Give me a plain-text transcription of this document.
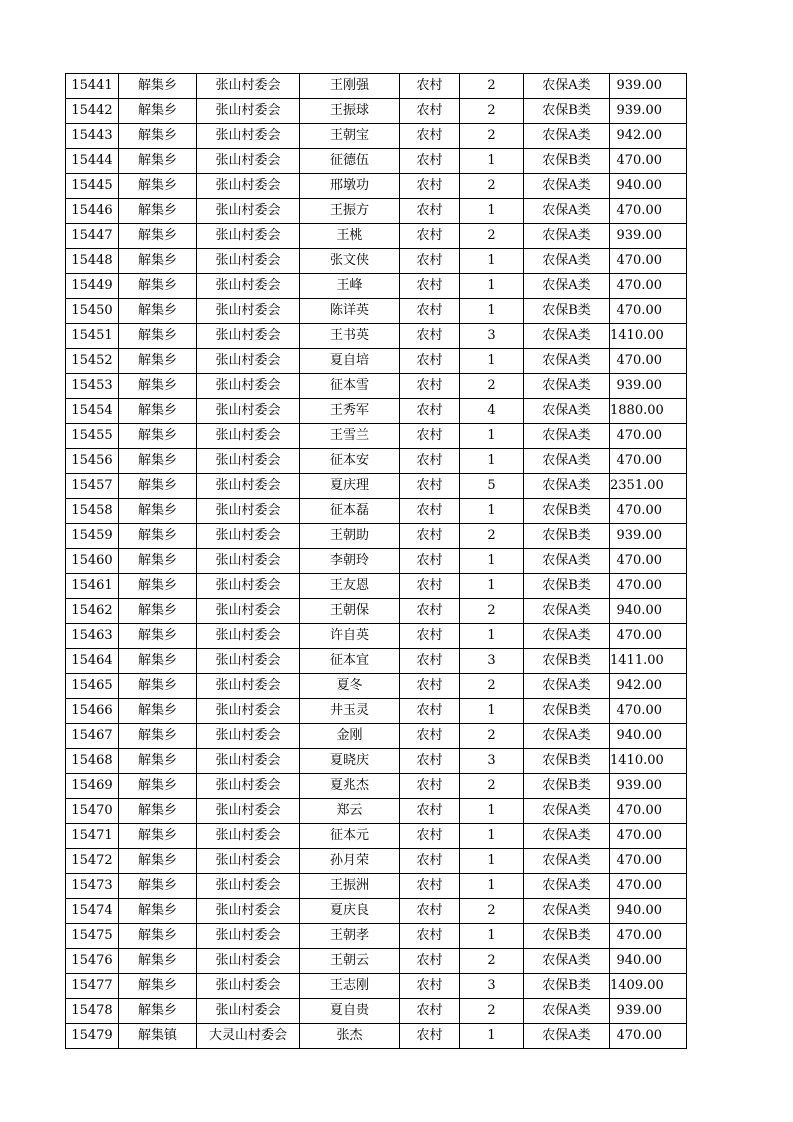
15441	解集乡	张山村委会	王刚强	农村	2	农保A类	939.00
15442	解集乡	张山村委会	王振球	农村	2	农保B类	939.00
15443	解集乡	张山村委会	王朝宝	农村	2	农保A类	942.00
15444	解集乡	张山村委会	征德伍	农村	1	农保B类	470.00
15445	解集乡	张山村委会	邢墩功	农村	2	农保A类	940.00
15446	解集乡	张山村委会	王振方	农村	1	农保A类	470.00
15447	解集乡	张山村委会	王桃	农村	2	农保A类	939.00
15448	解集乡	张山村委会	张文侠	农村	1	农保A类	470.00
15449	解集乡	张山村委会	王峰	农村	1	农保A类	470.00
15450	解集乡	张山村委会	陈详英	农村	1	农保B类	470.00
15451	解集乡	张山村委会	王书英	农村	3	农保A类	1410.00
15452	解集乡	张山村委会	夏自培	农村	1	农保A类	470.00
15453	解集乡	张山村委会	征本雪	农村	2	农保A类	939.00
15454	解集乡	张山村委会	王秀军	农村	4	农保A类	1880.00
15455	解集乡	张山村委会	王雪兰	农村	1	农保A类	470.00
15456	解集乡	张山村委会	征本安	农村	1	农保A类	470.00
15457	解集乡	张山村委会	夏庆理	农村	5	农保A类	2351.00
15458	解集乡	张山村委会	征本磊	农村	1	农保B类	470.00
15459	解集乡	张山村委会	王朝助	农村	2	农保B类	939.00
15460	解集乡	张山村委会	李朝玲	农村	1	农保A类	470.00
15461	解集乡	张山村委会	王友恩	农村	1	农保B类	470.00
15462	解集乡	张山村委会	王朝保	农村	2	农保A类	940.00
15463	解集乡	张山村委会	许自英	农村	1	农保A类	470.00
15464	解集乡	张山村委会	征本宜	农村	3	农保B类	1411.00
15465	解集乡	张山村委会	夏冬	农村	2	农保A类	942.00
15466	解集乡	张山村委会	井玉灵	农村	1	农保B类	470.00
15467	解集乡	张山村委会	金刚	农村	2	农保A类	940.00
15468	解集乡	张山村委会	夏晓庆	农村	3	农保B类	1410.00
15469	解集乡	张山村委会	夏兆杰	农村	2	农保B类	939.00
15470	解集乡	张山村委会	郑云	农村	1	农保A类	470.00
15471	解集乡	张山村委会	征本元	农村	1	农保A类	470.00
15472	解集乡	张山村委会	孙月荣	农村	1	农保A类	470.00
15473	解集乡	张山村委会	王振洲	农村	1	农保A类	470.00
15474	解集乡	张山村委会	夏庆良	农村	2	农保A类	940.00
15475	解集乡	张山村委会	王朝孝	农村	1	农保B类	470.00
15476	解集乡	张山村委会	王朝云	农村	2	农保A类	940.00
15477	解集乡	张山村委会	王志刚	农村	3	农保B类	1409.00
15478	解集乡	张山村委会	夏自贵	农村	2	农保A类	939.00
15479	解集镇	大灵山村委会	张杰	农村	1	农保A类	470.00
